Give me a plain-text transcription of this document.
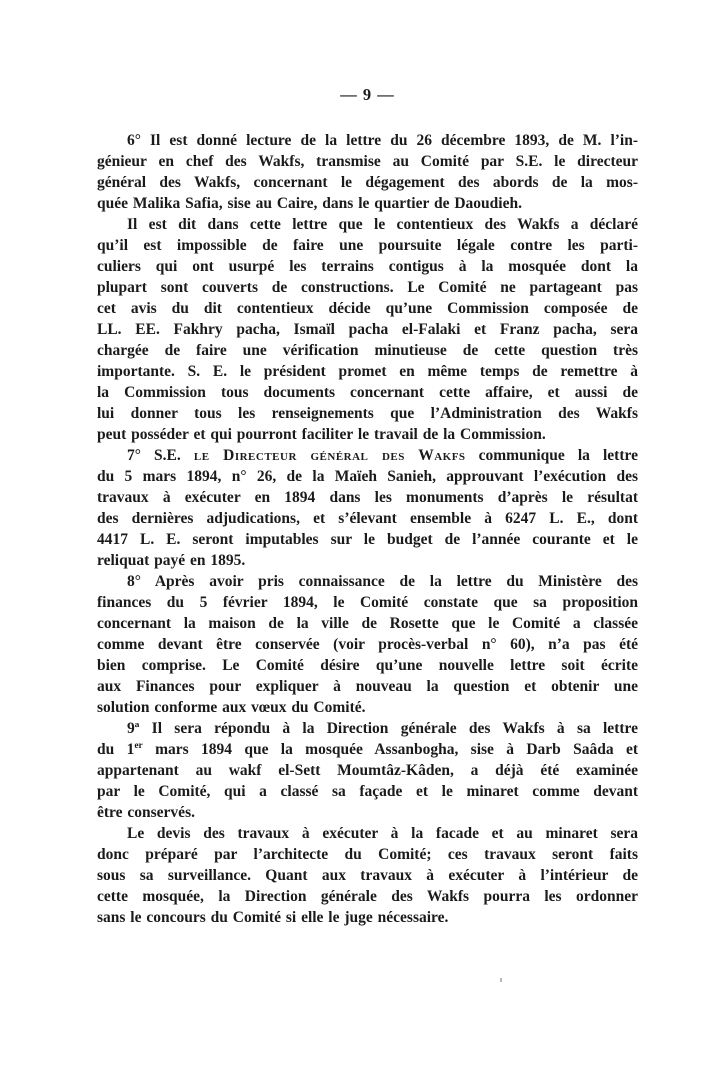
— 9 —
6° Il est donné lecture de la lettre du 26 décembre 1893, de M. l’in-
génieur en chef des Wakfs, transmise au Comité par S.E. le directeur
général des Wakfs, concernant le dégagement des abords de la mos-
quée Malika Safia, sise au Caire, dans le quartier de Daoudieh.
Il est dit dans cette lettre que le contentieux des Wakfs a déclaré
qu’il est impossible de faire une poursuite légale contre les parti-
culiers qui ont usurpé les terrains contigus à la mosquée dont la
plupart sont couverts de constructions. Le Comité ne partageant pas
cet avis du dit contentieux décide qu’une Commission composée de
LL. EE. Fakhry pacha, Ismaïl pacha el-Falaki et Franz pacha, sera
chargée de faire une vérification minutieuse de cette question très
importante. S. E. le président promet en même temps de remettre à
la Commission tous documents concernant cette affaire, et aussi de
lui donner tous les renseignements que l’Administration des Wakfs
peut posséder et qui pourront faciliter le travail de la Commission.
7° S.E. le Directeur général des Wakfs communique la lettre
du 5 mars 1894, n° 26, de la Maïeh Sanieh, approuvant l’exécution des
travaux à exécuter en 1894 dans les monuments d’après le résultat
des dernières adjudications, et s’élevant ensemble à 6247 L. E., dont
4417 L. E. seront imputables sur le budget de l’année courante et le
reliquat payé en 1895.
8° Après avoir pris connaissance de la lettre du Ministère des
finances du 5 février 1894, le Comité constate que sa proposition
concernant la maison de la ville de Rosette que le Comité a classée
comme devant être conservée (voir procès-verbal n° 60), n’a pas été
bien comprise. Le Comité désire qu’une nouvelle lettre soit écrite
aux Finances pour expliquer à nouveau la question et obtenir une
solution conforme aux vœux du Comité.
9ª Il sera répondu à la Direction générale des Wakfs à sa lettre
du 1er mars 1894 que la mosquée Assanbogha, sise à Darb Saâda et
appartenant au wakf el-Sett Moumtâz-Kâden, a déjà été examinée
par le Comité, qui a classé sa façade et le minaret comme devant
être conservés.
Le devis des travaux à exécuter à la facade et au minaret sera
donc préparé par l’architecte du Comité; ces travaux seront faits
sous sa surveillance. Quant aux travaux à exécuter à l’intérieur de
cette mosquée, la Direction générale des Wakfs pourra les ordonner
sans le concours du Comité si elle le juge nécessaire.
